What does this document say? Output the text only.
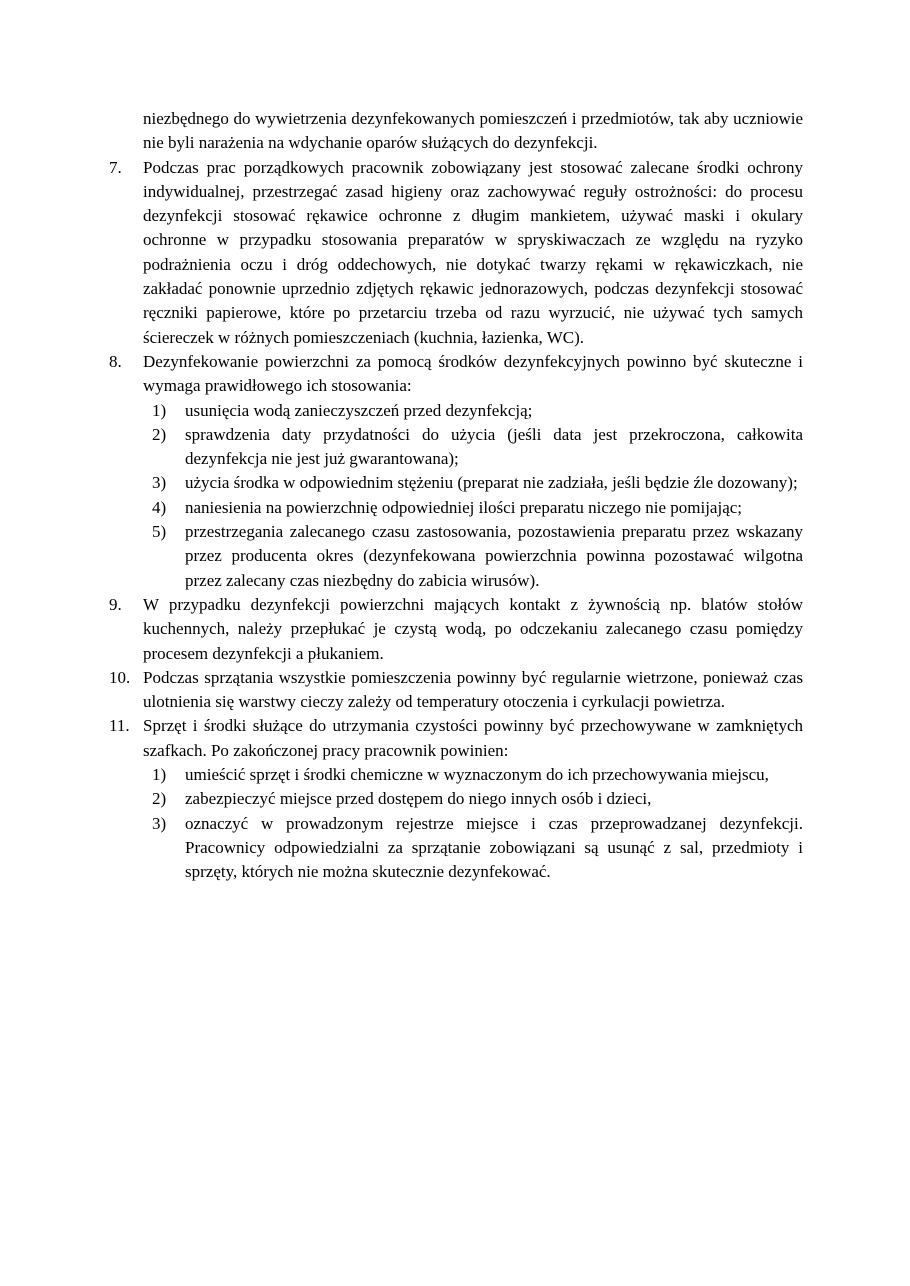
niezbędnego do wywietrzenia dezynfekowanych pomieszczeń i przedmiotów, tak aby uczniowie nie byli narażenia na wdychanie oparów służących do dezynfekcji.
7.	Podczas prac porządkowych pracownik zobowiązany jest stosować zalecane środki ochrony indywidualnej, przestrzegać zasad higieny oraz zachowywać reguły ostrożności: do procesu dezynfekcji stosować rękawice ochronne z długim mankietem, używać maski i okulary ochronne w przypadku stosowania preparatów w spryskiwaczach ze względu na ryzyko podrażnienia oczu i dróg oddechowych, nie dotykać twarzy rękami w rękawiczkach, nie zakładać ponownie uprzednio zdjętych rękawic jednorazowych, podczas dezynfekcji stosować ręczniki papierowe, które po przetarciu trzeba od razu wyrzucić, nie używać tych samych ściereczek w różnych pomieszczeniach (kuchnia, łazienka, WC).
8.	Dezynfekowanie powierzchni za pomocą środków dezynfekcyjnych powinno być skuteczne i wymaga prawidłowego ich stosowania:
1) usunięcia wodą zanieczyszczeń przed dezynfekcją;
2) sprawdzenia daty przydatności do użycia (jeśli data jest przekroczona, całkowita dezynfekcja nie jest już gwarantowana);
3) użycia środka w odpowiednim stężeniu (preparat nie zadziała, jeśli będzie źle dozowany);
4) naniesienia na powierzchnię odpowiedniej ilości preparatu niczego nie pomijając;
5) przestrzegania zalecanego czasu zastosowania, pozostawienia preparatu przez wskazany przez producenta okres (dezynfekowana powierzchnia powinna pozostawać wilgotna przez zalecany czas niezbędny do zabicia wirusów).
9.	W przypadku dezynfekcji powierzchni mających kontakt z żywnością np. blatów stołów kuchennych, należy przepłukać je czystą wodą, po odczekaniu zalecanego czasu pomiędzy procesem dezynfekcji a płukaniem.
10. Podczas sprzątania wszystkie pomieszczenia powinny być regularnie wietrzone, ponieważ czas ulotnienia się warstwy cieczy zależy od temperatury otoczenia i cyrkulacji powietrza.
11. Sprzęt i środki służące do utrzymania czystości powinny być przechowywane w zamkniętych szafkach. Po zakończonej pracy pracownik powinien:
1) umieścić sprzęt i środki chemiczne w wyznaczonym do ich przechowywania miejscu,
2) zabezpieczyć miejsce przed dostępem do niego innych osób i dzieci,
3) oznaczyć w prowadzonym rejestrze miejsce i czas przeprowadzanej dezynfekcji. Pracownicy odpowiedzialni za sprzątanie zobowiązani są usunąć z sal, przedmioty i sprzęty, których nie można skutecznie dezynfekować.
